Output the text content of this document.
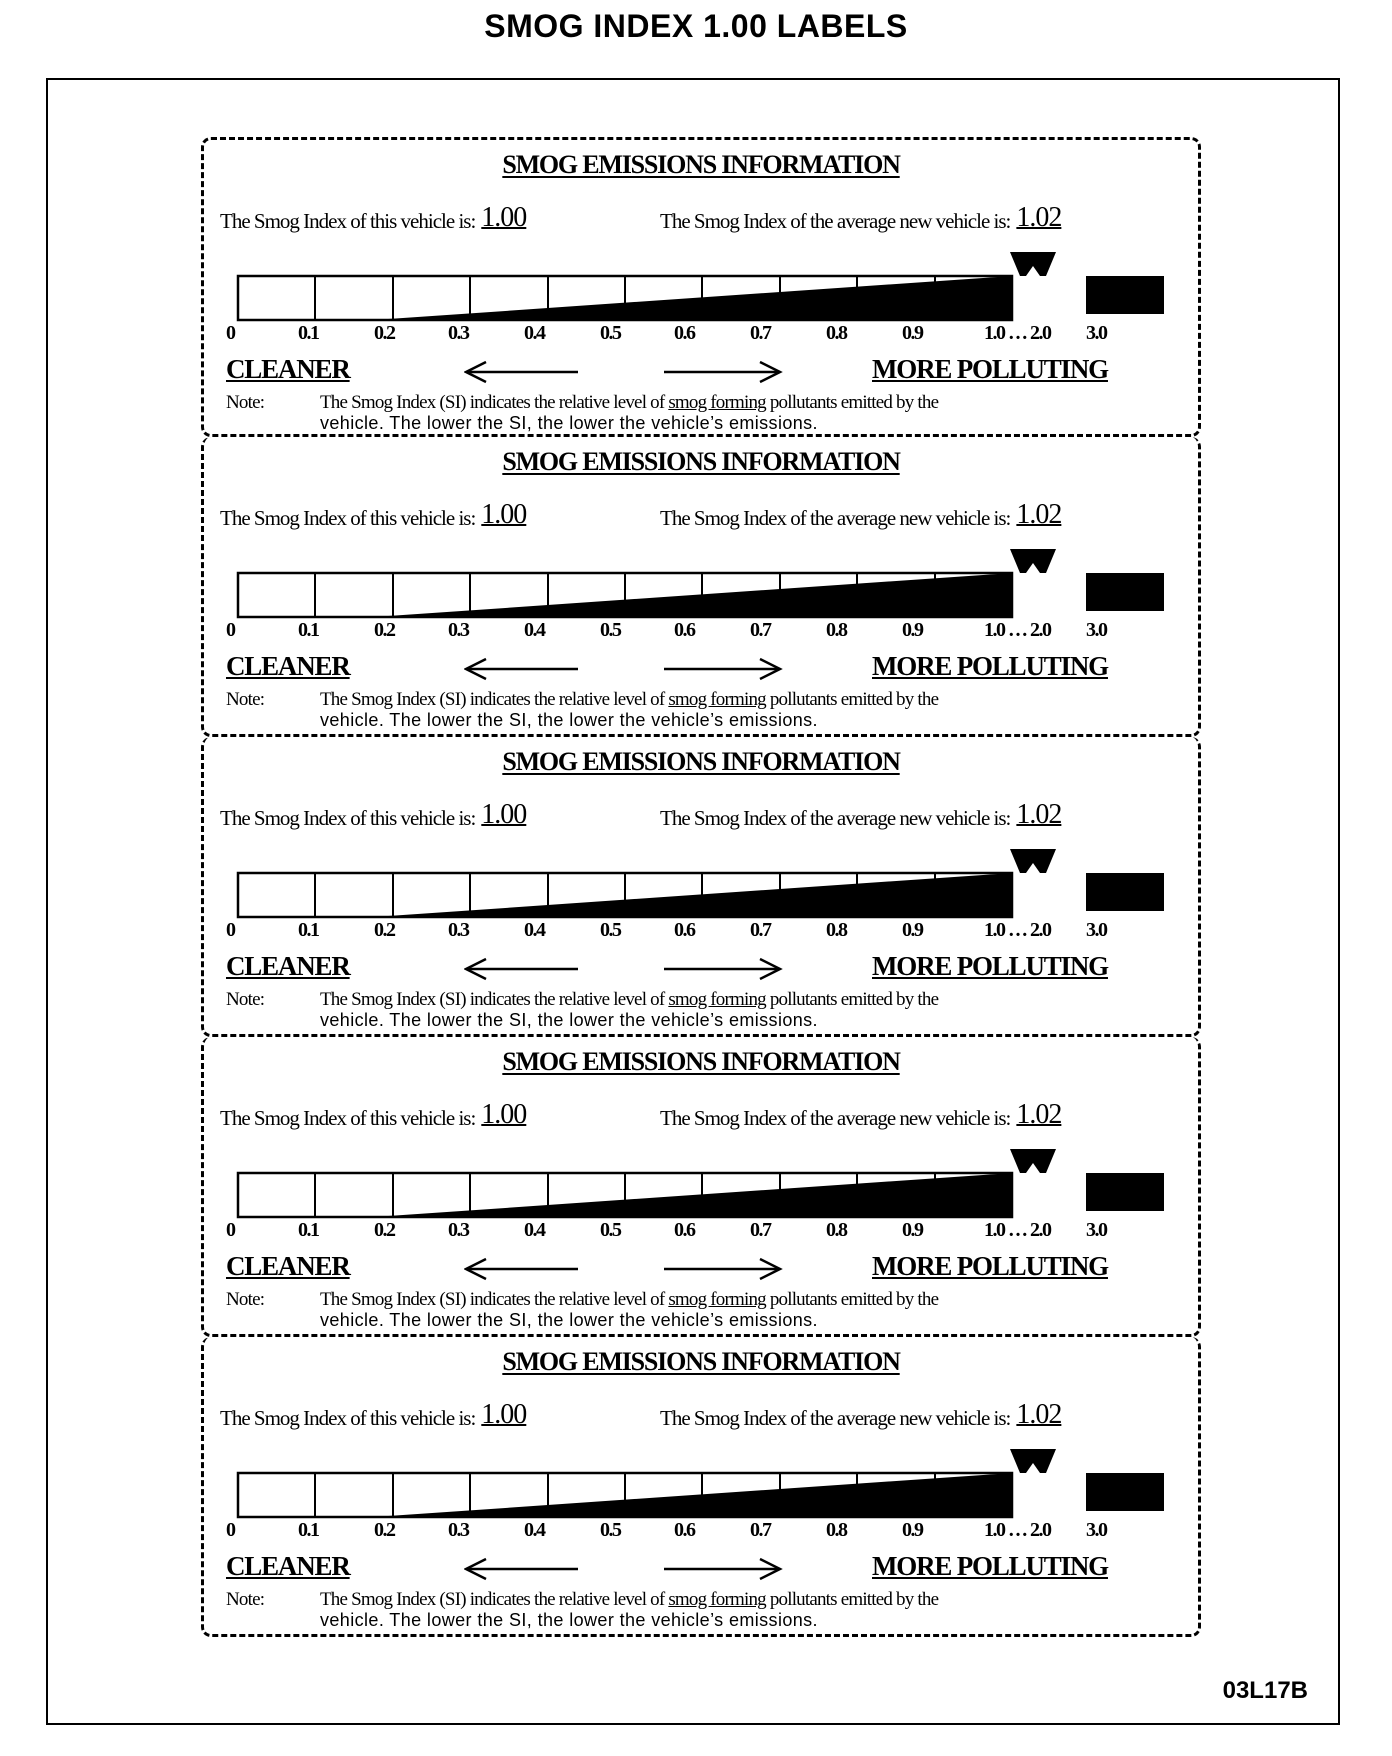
SMOG INDEX 1.00 LABELS
SMOG EMISSIONS INFORMATION
The Smog Index of this vehicle is: 1.00	The Smog Index of the average new vehicle is: 1.02
0	0.1	0.2	0.3	0.4	0.5	0.6	0.7	0.8	0.9	1.0 … 2.0 3.0
CLEANER	MORE POLLUTING
Note:	The Smog Index (SI) indicates the relative level of smog forming pollutants emitted by the
vehicle. The lower the SI, the lower the vehicle’s emissions.
SMOG EMISSIONS INFORMATION
The Smog Index of this vehicle is: 1.00	The Smog Index of the average new vehicle is: 1.02
0	0.1	0.2	0.3	0.4	0.5	0.6	0.7	0.8	0.9	1.0 … 2.0 3.0
CLEANER	MORE POLLUTING
Note:	The Smog Index (SI) indicates the relative level of smog forming pollutants emitted by the
vehicle. The lower the SI, the lower the vehicle’s emissions.
SMOG EMISSIONS INFORMATION
The Smog Index of this vehicle is: 1.00	The Smog Index of the average new vehicle is: 1.02
0	0.1	0.2	0.3	0.4	0.5	0.6	0.7	0.8	0.9	1.0 … 2.0 3.0
CLEANER	MORE POLLUTING
Note:	The Smog Index (SI) indicates the relative level of smog forming pollutants emitted by the
vehicle. The lower the SI, the lower the vehicle’s emissions.
SMOG EMISSIONS INFORMATION
The Smog Index of this vehicle is: 1.00	The Smog Index of the average new vehicle is: 1.02
0	0.1	0.2	0.3	0.4	0.5	0.6	0.7	0.8	0.9	1.0 … 2.0 3.0
CLEANER	MORE POLLUTING
Note:	The Smog Index (SI) indicates the relative level of smog forming pollutants emitted by the
vehicle. The lower the SI, the lower the vehicle’s emissions.
SMOG EMISSIONS INFORMATION
The Smog Index of this vehicle is: 1.00	The Smog Index of the average new vehicle is: 1.02
0	0.1	0.2	0.3	0.4	0.5	0.6	0.7	0.8	0.9	1.0 … 2.0 3.0
CLEANER	MORE POLLUTING
Note:	The Smog Index (SI) indicates the relative level of smog forming pollutants emitted by the
vehicle. The lower the SI, the lower the vehicle’s emissions.
03L17B
